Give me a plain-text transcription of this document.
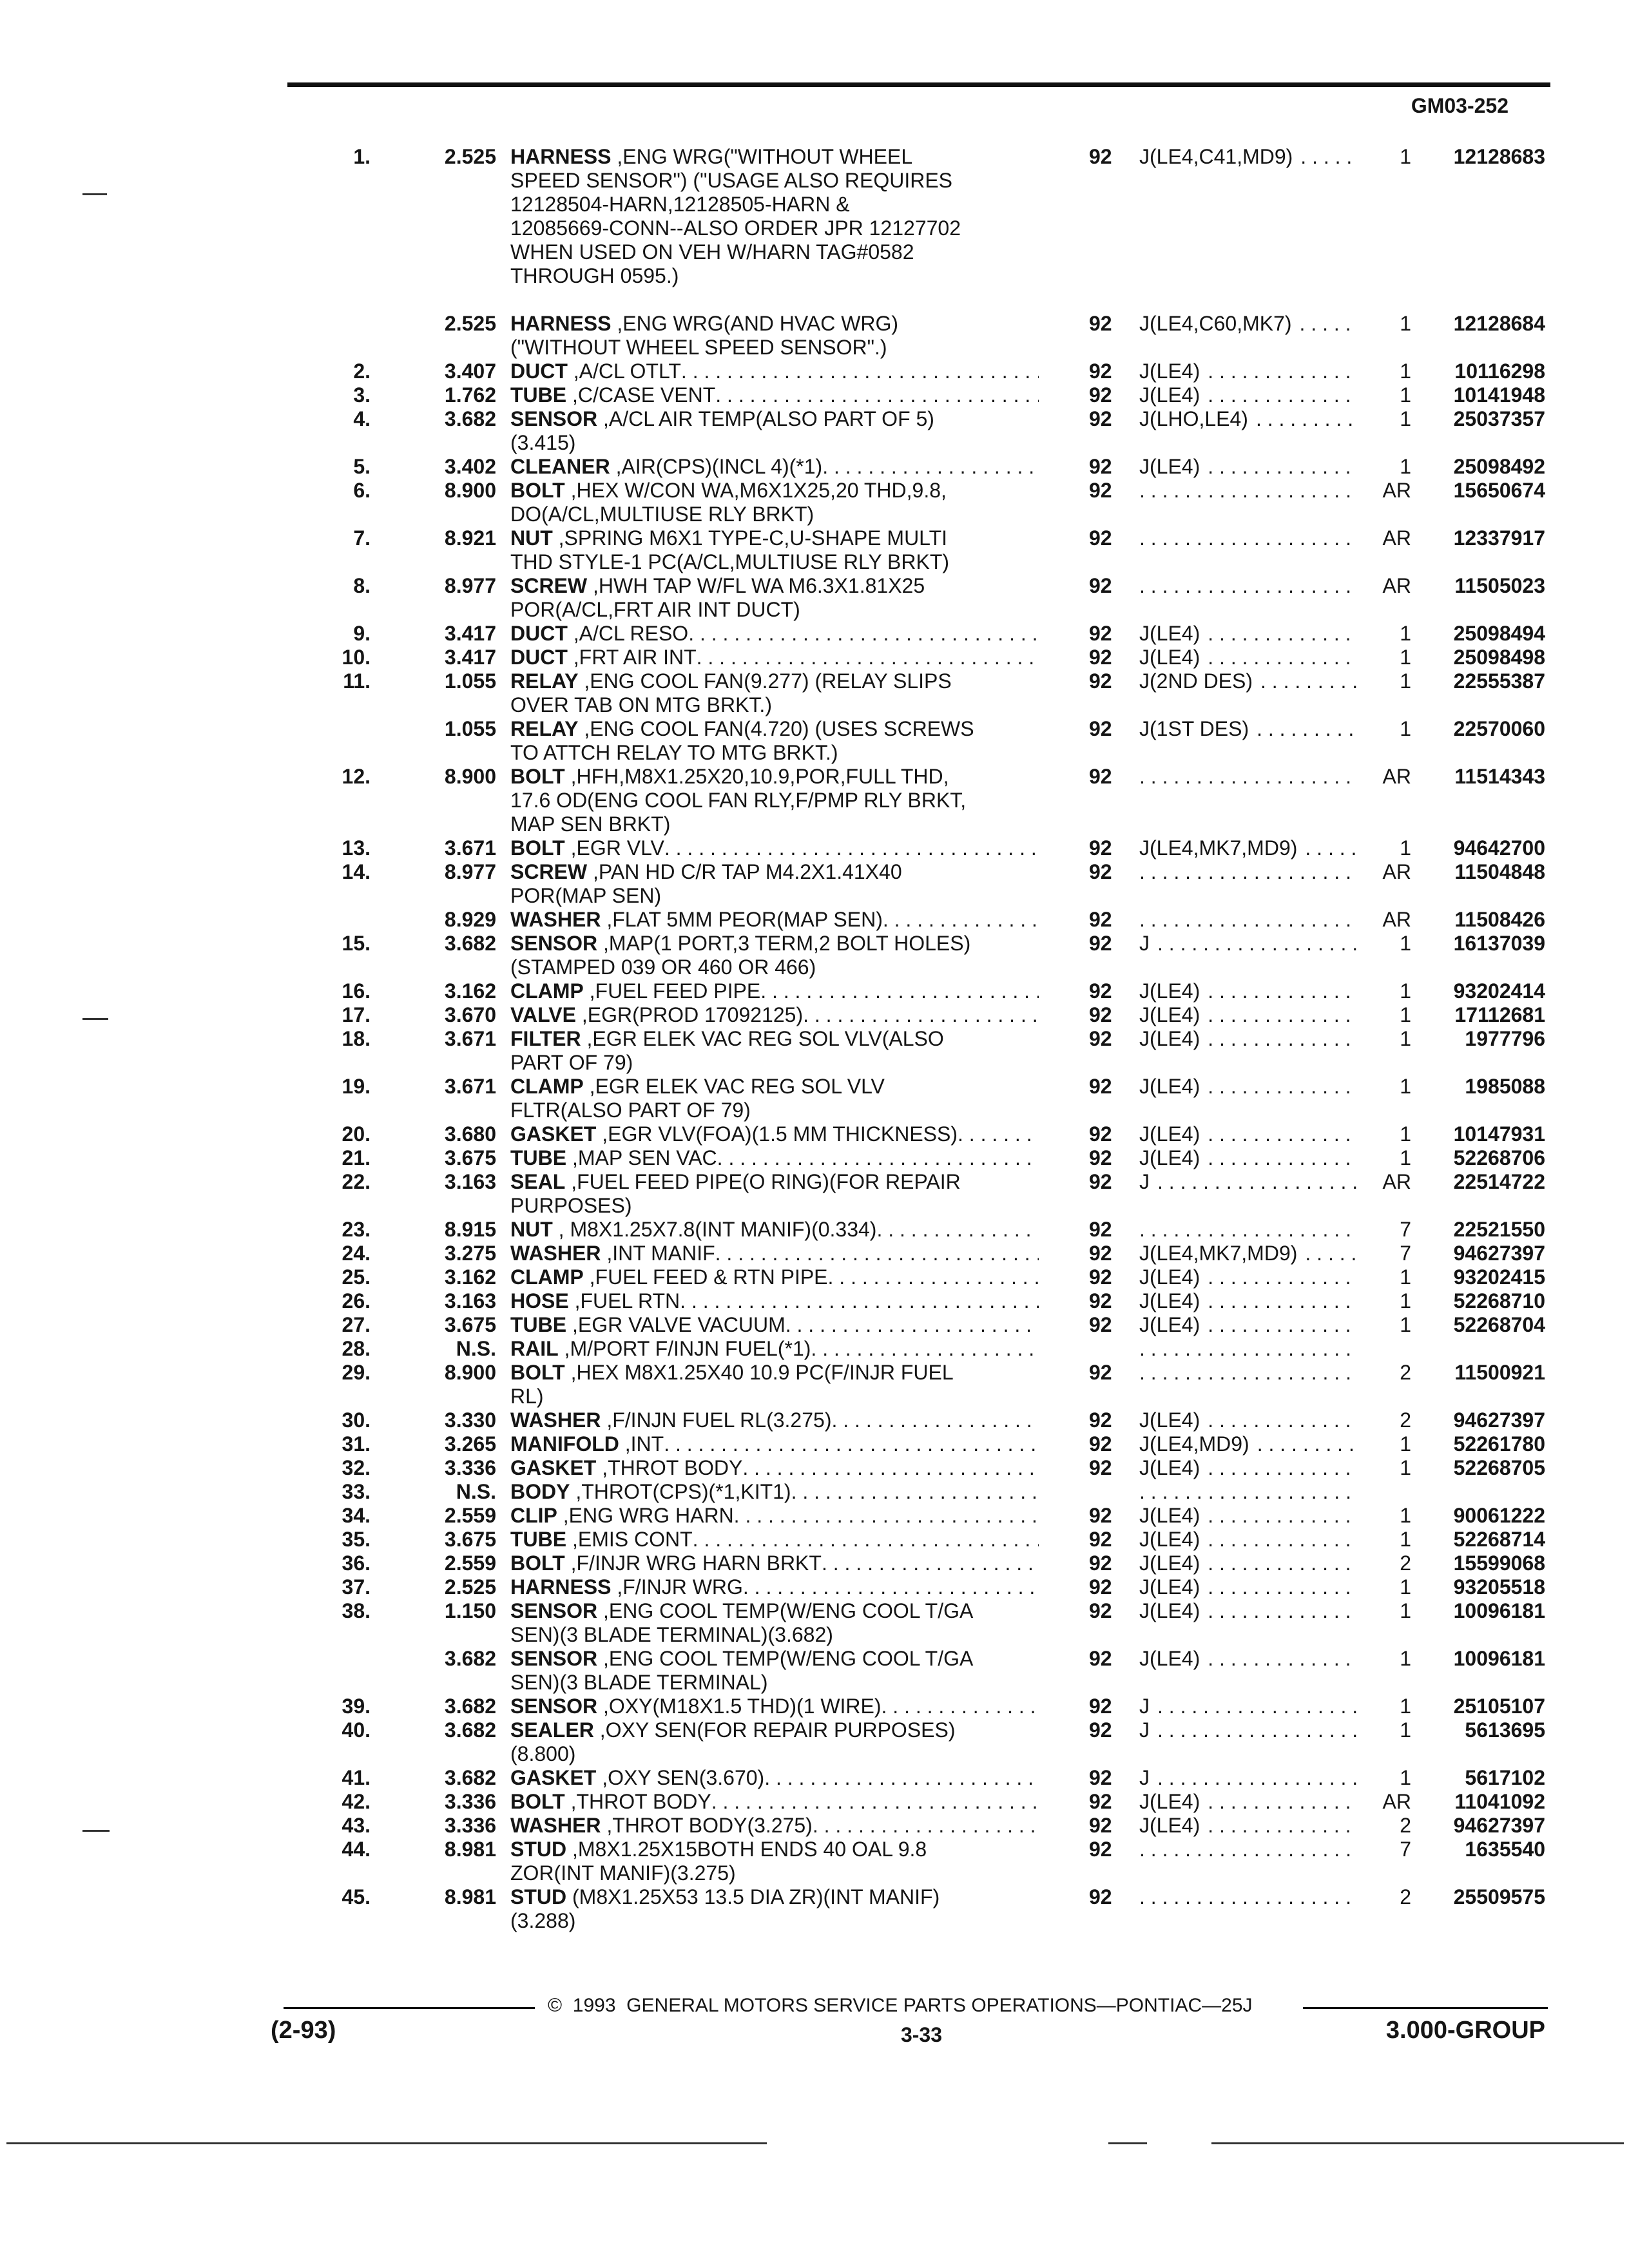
GM03-252
1.	2.525 HARNESS ,ENG WRG("WITHOUT WHEEL
SPEED SENSOR") ("USAGE ALSO REQUIRES
12128504-HARN,12128505-HARN &
12085669-CONN--ALSO ORDER JPR 12127702
WHEN USED ON VEH W/HARN TAG#0582
THROUGH 0595.)
92	J(LE4,C41,MD9) . . .	1	12128683
2.525 HARNESS ,ENG WRG(AND HVAC WRG)
("WITHOUT WHEEL SPEED SENSOR".)
92	J(LE4,C60,MK7) . . .	1	12128684
2.	3.407 DUCT ,A/CL OTLT . . .	92	J(LE4) . . .	1	10116298
3.	1.762 TUBE ,C/CASE VENT . . .	92	J(LE4) . . .	1	10141948
4.	3.682 SENSOR ,A/CL AIR TEMP(ALSO PART OF 5)
(3.415)
92	J(LHO,LE4) . . .	1	25037357
5.	3.402 CLEANER ,AIR(CPS)(INCL 4)(*1) . . .	92	J(LE4) . . .	1	25098492
6.	8.900 BOLT ,HEX W/CON WA,M6X1X25,20 THD,9.8,
DO(A/CL,MULTIUSE RLY BRKT)
92 . . .	AR	15650674
7.	8.921 NUT ,SPRING M6X1 TYPE-C,U-SHAPE MULTI
THD STYLE-1 PC(A/CL,MULTIUSE RLY BRKT)
92 . . .	AR	12337917
8.	8.977 SCREW ,HWH TAP W/FL WA M6.3X1.81X25
POR(A/CL,FRT AIR INT DUCT)
92 . . .	AR	11505023
9.	3.417 DUCT ,A/CL RESO . . .	92	J(LE4) . . .	1	25098494
10.	3.417 DUCT ,FRT AIR INT . . .	92	J(LE4) . . .	1	25098498
11.	1.055 RELAY ,ENG COOL FAN(9.277) (RELAY SLIPS
OVER TAB ON MTG BRKT.)
92	J(2ND DES) . . .	1	22555387
1.055 RELAY ,ENG COOL FAN(4.720) (USES SCREWS
TO ATTCH RELAY TO MTG BRKT.)
92	J(1ST DES) . . .	1	22570060
12.	8.900 BOLT ,HFH,M8X1.25X20,10.9,POR,FULL THD,
17.6 OD(ENG COOL FAN RLY,F/PMP RLY BRKT,
MAP SEN BRKT)
92 . . .	AR	11514343
13.	3.671 BOLT ,EGR VLV . . .	92	J(LE4,MK7,MD9) . . .	1	94642700
14.	8.977 SCREW ,PAN HD C/R TAP M4.2X1.41X40
POR(MAP SEN)
92 . . .	AR	11504848
8.929 WASHER ,FLAT 5MM PEOR(MAP SEN) . . .	92 . . .	AR	11508426
15.	3.682 SENSOR ,MAP(1 PORT,3 TERM,2 BOLT HOLES)
(STAMPED 039 OR 460 OR 466)
92	J . . .	1	16137039
16.	3.162 CLAMP ,FUEL FEED PIPE . . .	92	J(LE4) . . .	1	93202414
17.	3.670 VALVE ,EGR(PROD 17092125) . . .	92	J(LE4) . . .	1	17112681
18.	3.671 FILTER ,EGR ELEK VAC REG SOL VLV(ALSO
PART OF 79)
92	J(LE4) . . .	1	1977796
19.	3.671 CLAMP ,EGR ELEK VAC REG SOL VLV
FLTR(ALSO PART OF 79)
92	J(LE4) . . .	1	1985088
20.	3.680 GASKET ,EGR VLV(FOA)(1.5 MM THICKNESS) . . .	92	J(LE4) . . .	1	10147931
21.	3.675 TUBE ,MAP SEN VAC . . .	92	J(LE4) . . .	1	52268706
22.	3.163 SEAL ,FUEL FEED PIPE(O RING)(FOR REPAIR
PURPOSES)
92	J . . .	AR	22514722
23.	8.915 NUT , M8X1.25X7.8(INT MANIF)(0.334) . . .	92 . . .	7	22521550
24.	3.275 WASHER ,INT MANIF . . .	92	J(LE4,MK7,MD9) . . .	7	94627397
25.	3.162 CLAMP ,FUEL FEED & RTN PIPE . . .	92	J(LE4) . . .	1	93202415
26.	3.163 HOSE ,FUEL RTN . . .	92	J(LE4) . . .	1	52268710
27.	3.675 TUBE ,EGR VALVE VACUUM . . .	92	J(LE4) . . .	1	52268704
28.	N.S. RAIL ,M/PORT F/INJN FUEL(*1)
. . .
. . .
29.	8.900 BOLT ,HEX M8X1.25X40 10.9 PC(F/INJR FUEL
RL)
92 . . .	2	11500921
30.	3.330 WASHER ,F/INJN FUEL RL(3.275) . . .	92	J(LE4) . . .	2	94627397
31.	3.265 MANIFOLD ,INT . . .	92	J(LE4,MD9) . . .	1	52261780
32.	3.336 GASKET ,THROT BODY . . .	92	J(LE4) . . .	1	52268705
33.	N.S. BODY ,THROT(CPS)(*1,KIT1)
. . .
. . .
34.	2.559 CLIP ,ENG WRG HARN . . .	92	J(LE4) . . .	1	90061222
35.	3.675 TUBE ,EMIS CONT . . .	92	J(LE4) . . .	1	52268714
36.	2.559 BOLT ,F/INJR WRG HARN BRKT . . .	92	J(LE4) . . .	2	15599068
37.	2.525 HARNESS ,F/INJR WRG . . .	92	J(LE4) . . .	1	93205518
38.	1.150 SENSOR ,ENG COOL TEMP(W/ENG COOL T/GA
SEN)(3 BLADE TERMINAL)(3.682)
92	J(LE4) . . .	1	10096181
3.682 SENSOR ,ENG COOL TEMP(W/ENG COOL T/GA
SEN)(3 BLADE TERMINAL)
92	J(LE4) . . .	1	10096181
39.	3.682 SENSOR ,OXY(M18X1.5 THD)(1 WIRE) . . .	92	J . . .	1	25105107
40.	3.682 SEALER ,OXY SEN(FOR REPAIR PURPOSES)
(8.800)
92	J . . .	1	5613695
41.	3.682 GASKET ,OXY SEN(3.670) . . .	92	J . . .	1	5617102
42.	3.336 BOLT ,THROT BODY . . .	92	J(LE4) . . .	AR	11041092
43.	3.336 WASHER ,THROT BODY(3.275) . . .	92	J(LE4) . . .	2	94627397
44.	8.981 STUD ,M8X1.25X15BOTH ENDS 40 OAL 9.8
ZOR(INT MANIF)(3.275)
92 . . .	7	1635540
45.	8.981 STUD (M8X1.25X53 13.5 DIA ZR)(INT MANIF)
(3.288)
92 . . .	2	25509575
©  1993  GENERAL MOTORS SERVICE PARTS OPERATIONS—PONTIAC—25J
(2-93)	3-33	3.000-GROUP
